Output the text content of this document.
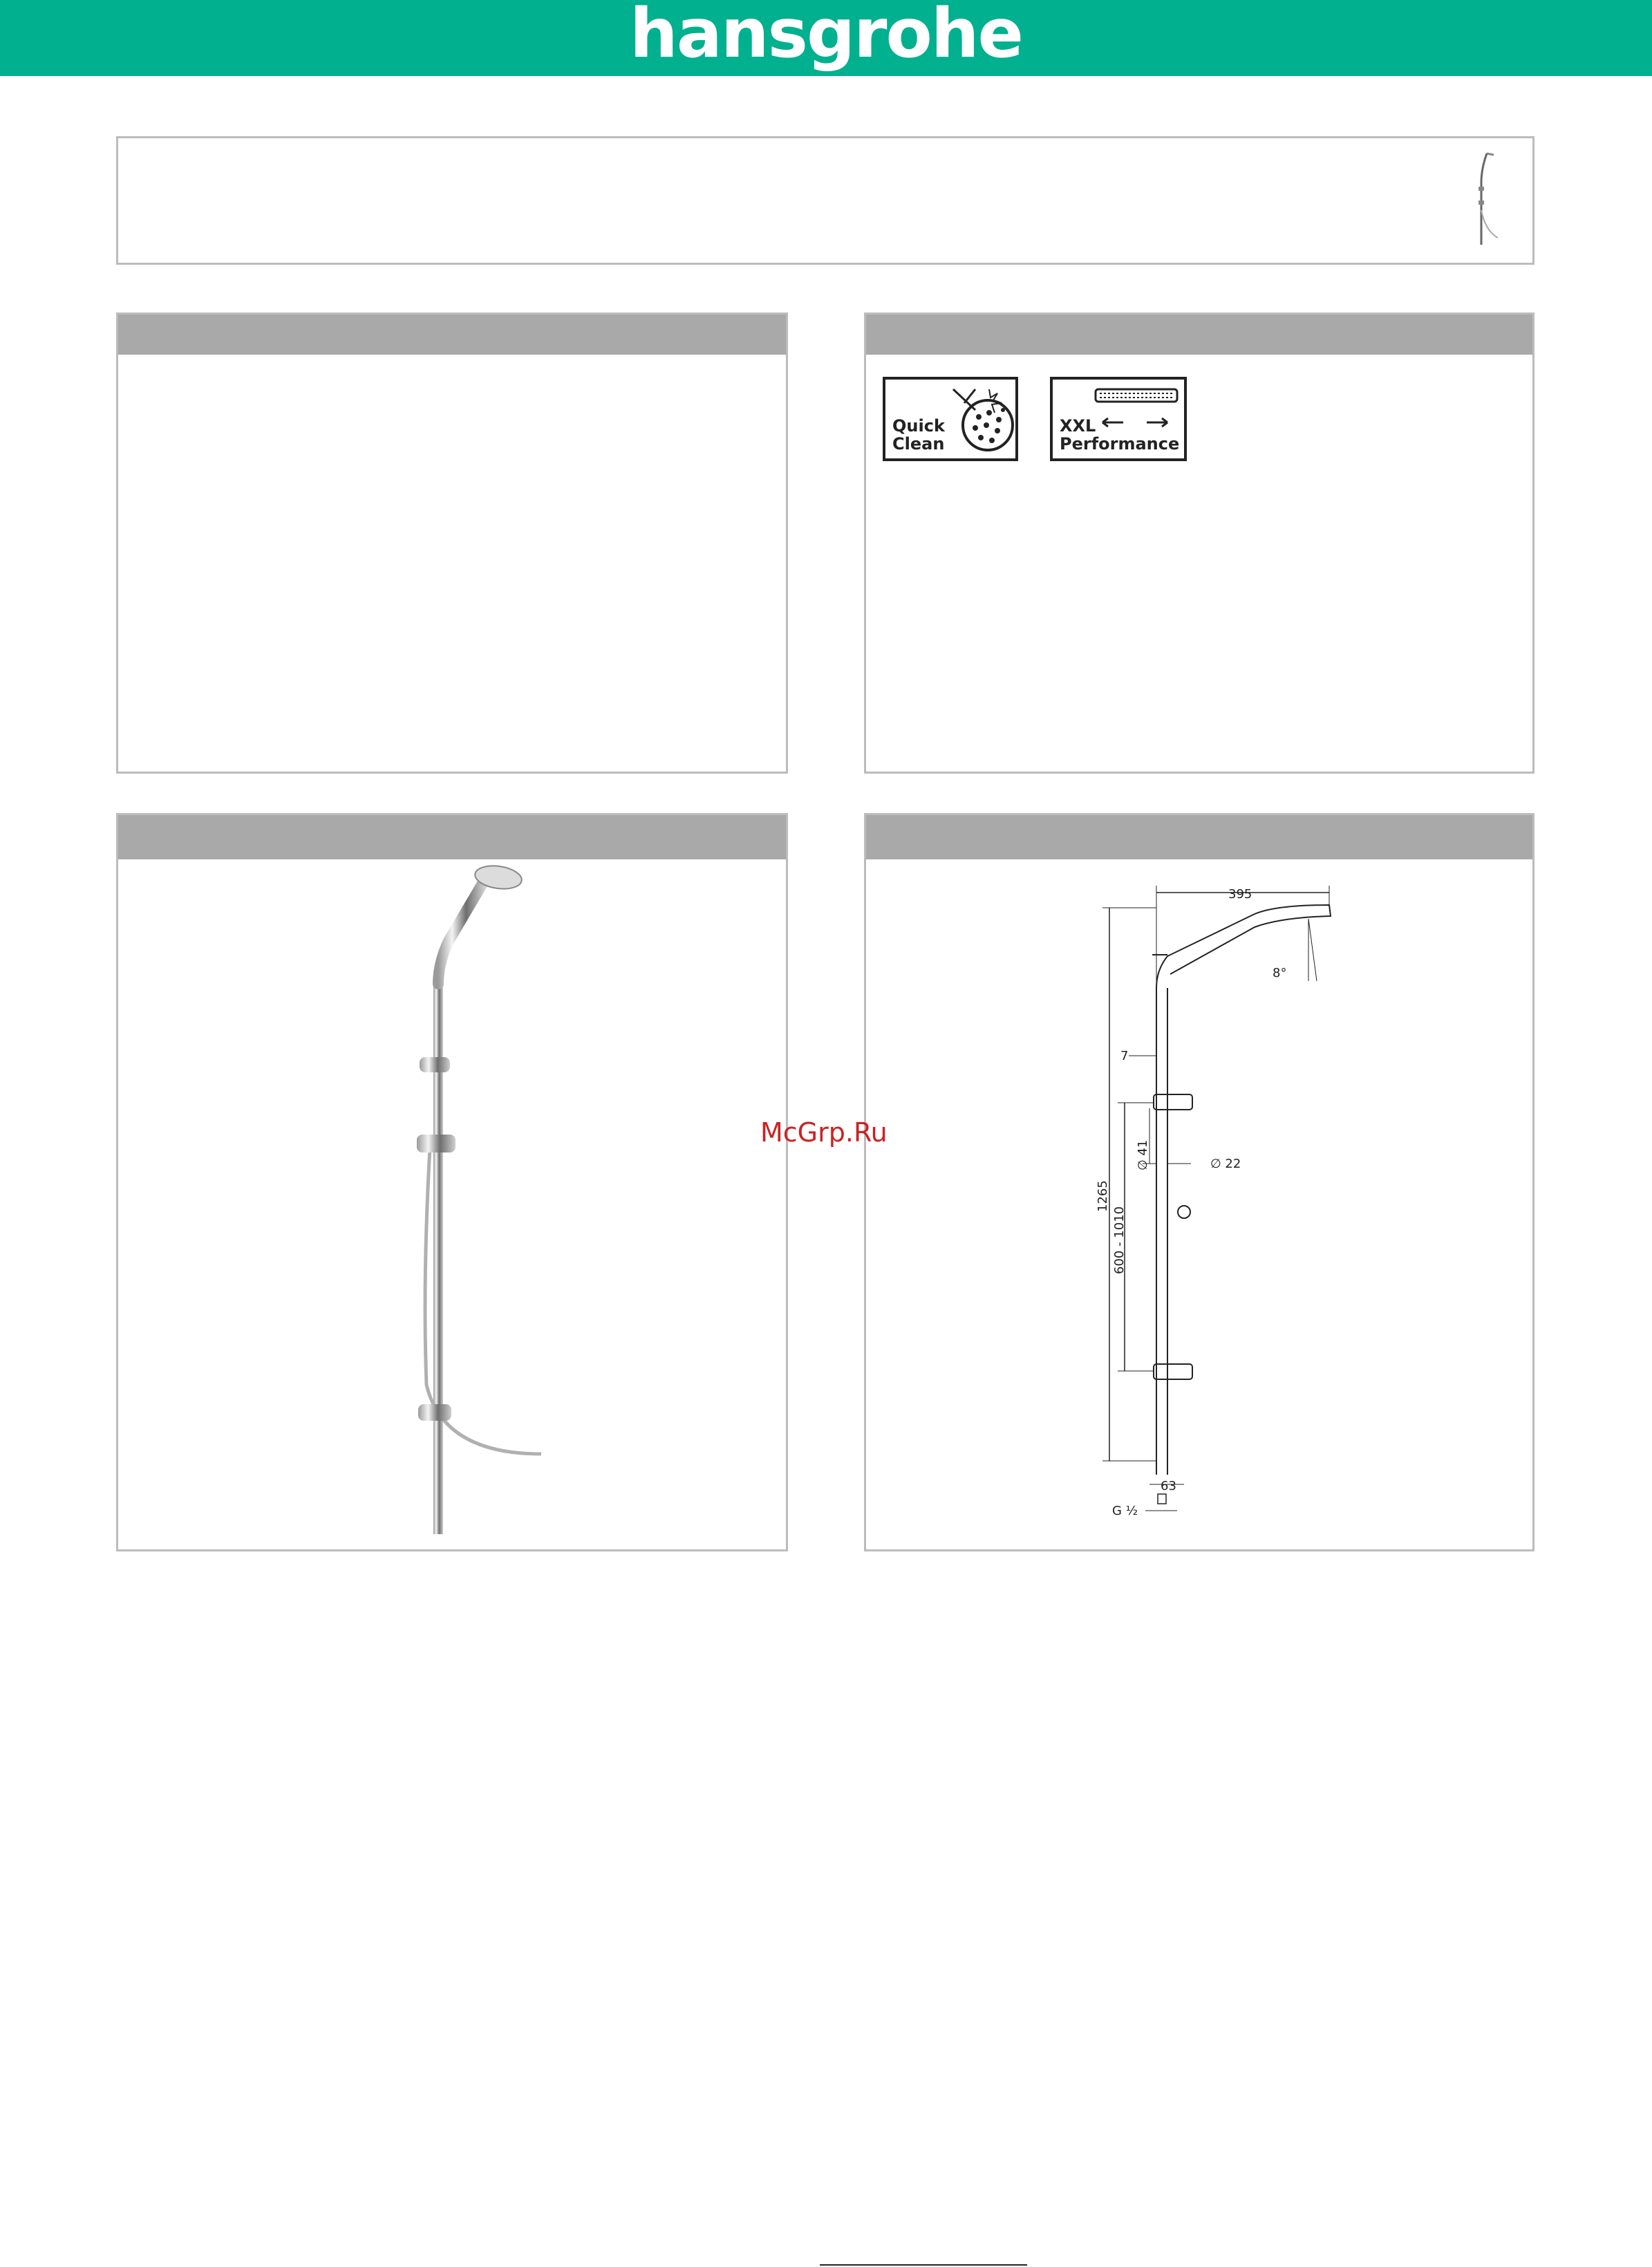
hansgrohe
Quick
Clean
XXL
Performance
395
8°
7
1265
600 - 1010
∅ 41	∅ 22
63
G ½
McGrp.Ru
